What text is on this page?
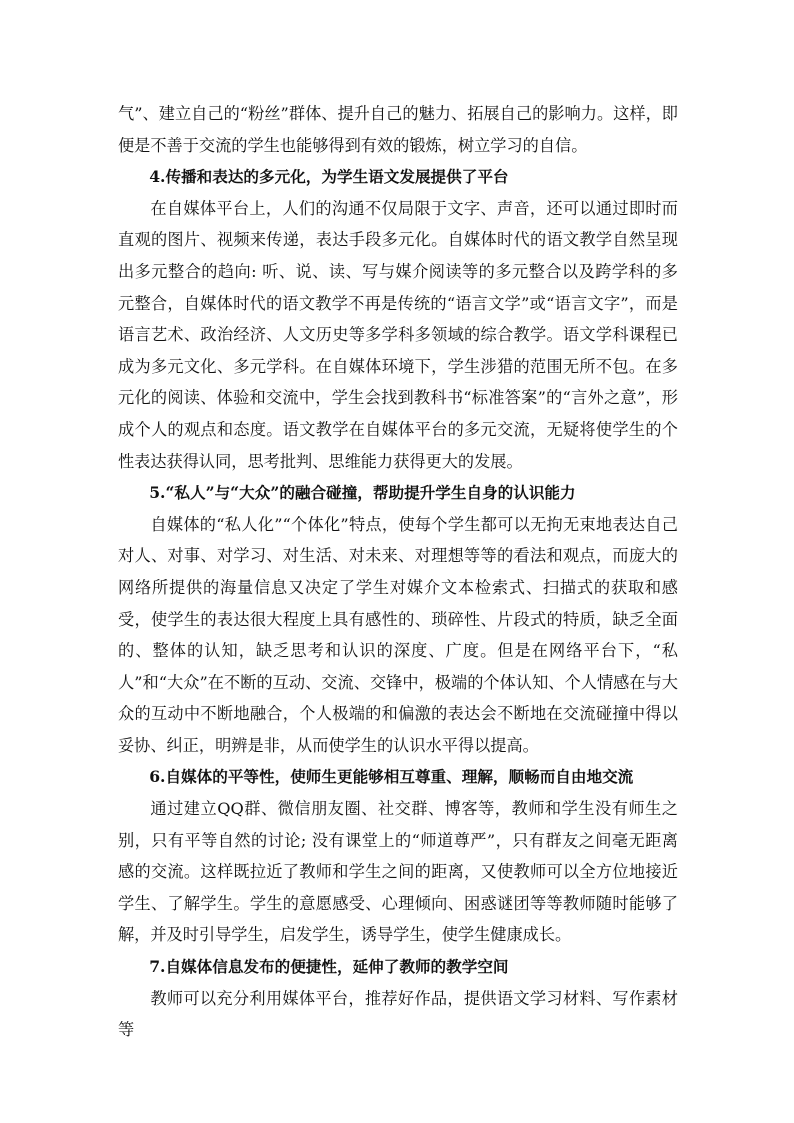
气”、建立自己的“粉丝”群体、提升自己的魅力、拓展自己的影响力。这样，即便是不善于交流的学生也能够得到有效的锻炼，树立学习的自信。

4.传播和表达的多元化，为学生语文发展提供了平台

在自媒体平台上，人们的沟通不仅局限于文字、声音，还可以通过即时而直观的图片、视频来传递，表达手段多元化。自媒体时代的语文教学自然呈现出多元整合的趋向: 听、说、读、写与媒介阅读等的多元整合以及跨学科的多元整合，自媒体时代的语文教学不再是传统的“语言文学”或“语言文字”，而是语言艺术、政治经济、人文历史等多学科多领域的综合教学。语文学科课程已成为多元文化、多元学科。在自媒体环境下，学生涉猎的范围无所不包。在多元化的阅读、体验和交流中，学生会找到教科书“标准答案”的“言外之意”，形成个人的观点和态度。语文教学在自媒体平台的多元交流，无疑将使学生的个性表达获得认同，思考批判、思维能力获得更大的发展。

5.“私人”与“大众”的融合碰撞，帮助提升学生自身的认识能力

自媒体的“私人化”“个体化”特点，使每个学生都可以无拘无束地表达自己对人、对事、对学习、对生活、对未来、对理想等等的看法和观点，而庞大的网络所提供的海量信息又决定了学生对媒介文本检索式、扫描式的获取和感受，使学生的表达很大程度上具有感性的、琐碎性、片段式的特质，缺乏全面的、整体的认知，缺乏思考和认识的深度、广度。但是在网络平台下，“私人”和“大众”在不断的互动、交流、交锋中，极端的个体认知、个人情感在与大众的互动中不断地融合，个人极端的和偏激的表达会不断地在交流碰撞中得以妥协、纠正，明辨是非，从而使学生的认识水平得以提高。

6.自媒体的平等性，使师生更能够相互尊重、理解，顺畅而自由地交流

通过建立QQ群、微信朋友圈、社交群、博客等，教师和学生没有师生之别，只有平等自然的讨论; 没有课堂上的“师道尊严”，只有群友之间毫无距离感的交流。这样既拉近了教师和学生之间的距离，又使教师可以全方位地接近学生、了解学生。学生的意愿感受、心理倾向、困惑谜团等等教师随时能够了解，并及时引导学生，启发学生，诱导学生，使学生健康成长。

7.自媒体信息发布的便捷性，延伸了教师的教学空间

教师可以充分利用媒体平台，推荐好作品，提供语文学习材料、写作素材等
